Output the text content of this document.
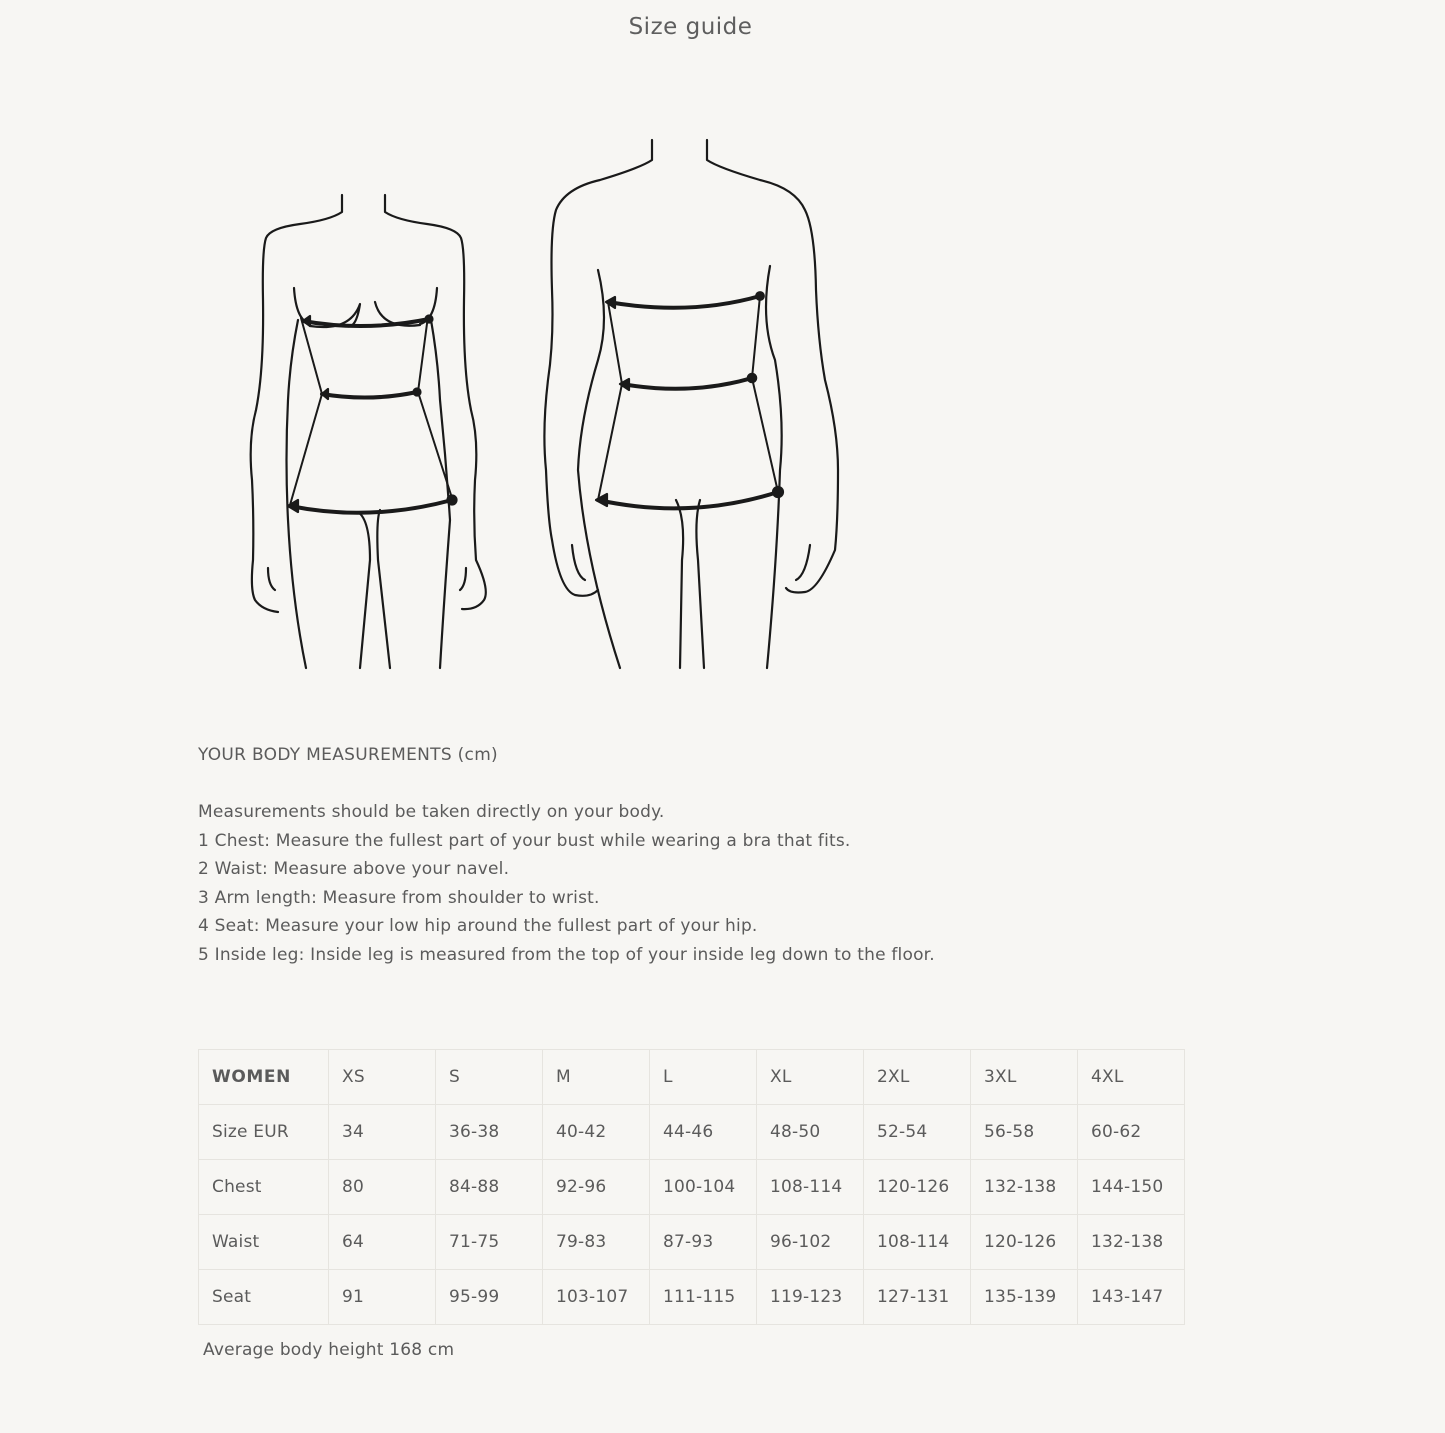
Size guide
YOUR BODY MEASUREMENTS (cm)
Measurements should be taken directly on your body.
1 Chest: Measure the fullest part of your bust while wearing a bra that fits.
2 Waist: Measure above your navel.
3 Arm length: Measure from shoulder to wrist.
4 Seat: Measure your low hip around the fullest part of your hip.
5 Inside leg: Inside leg is measured from the top of your inside leg down to the floor.
WOMEN	XS	S	M	L	XL	2XL	3XL	4XL
Size EUR	34	36-38	40-42	44-46	48-50	52-54	56-58	60-62
Chest	80	84-88	92-96	100-104	108-114	120-126	132-138	144-150
Waist	64	71-75	79-83	87-93	96-102	108-114	120-126	132-138
Seat	91	95-99	103-107	111-115	119-123	127-131	135-139	143-147
Average body height 168 cm
